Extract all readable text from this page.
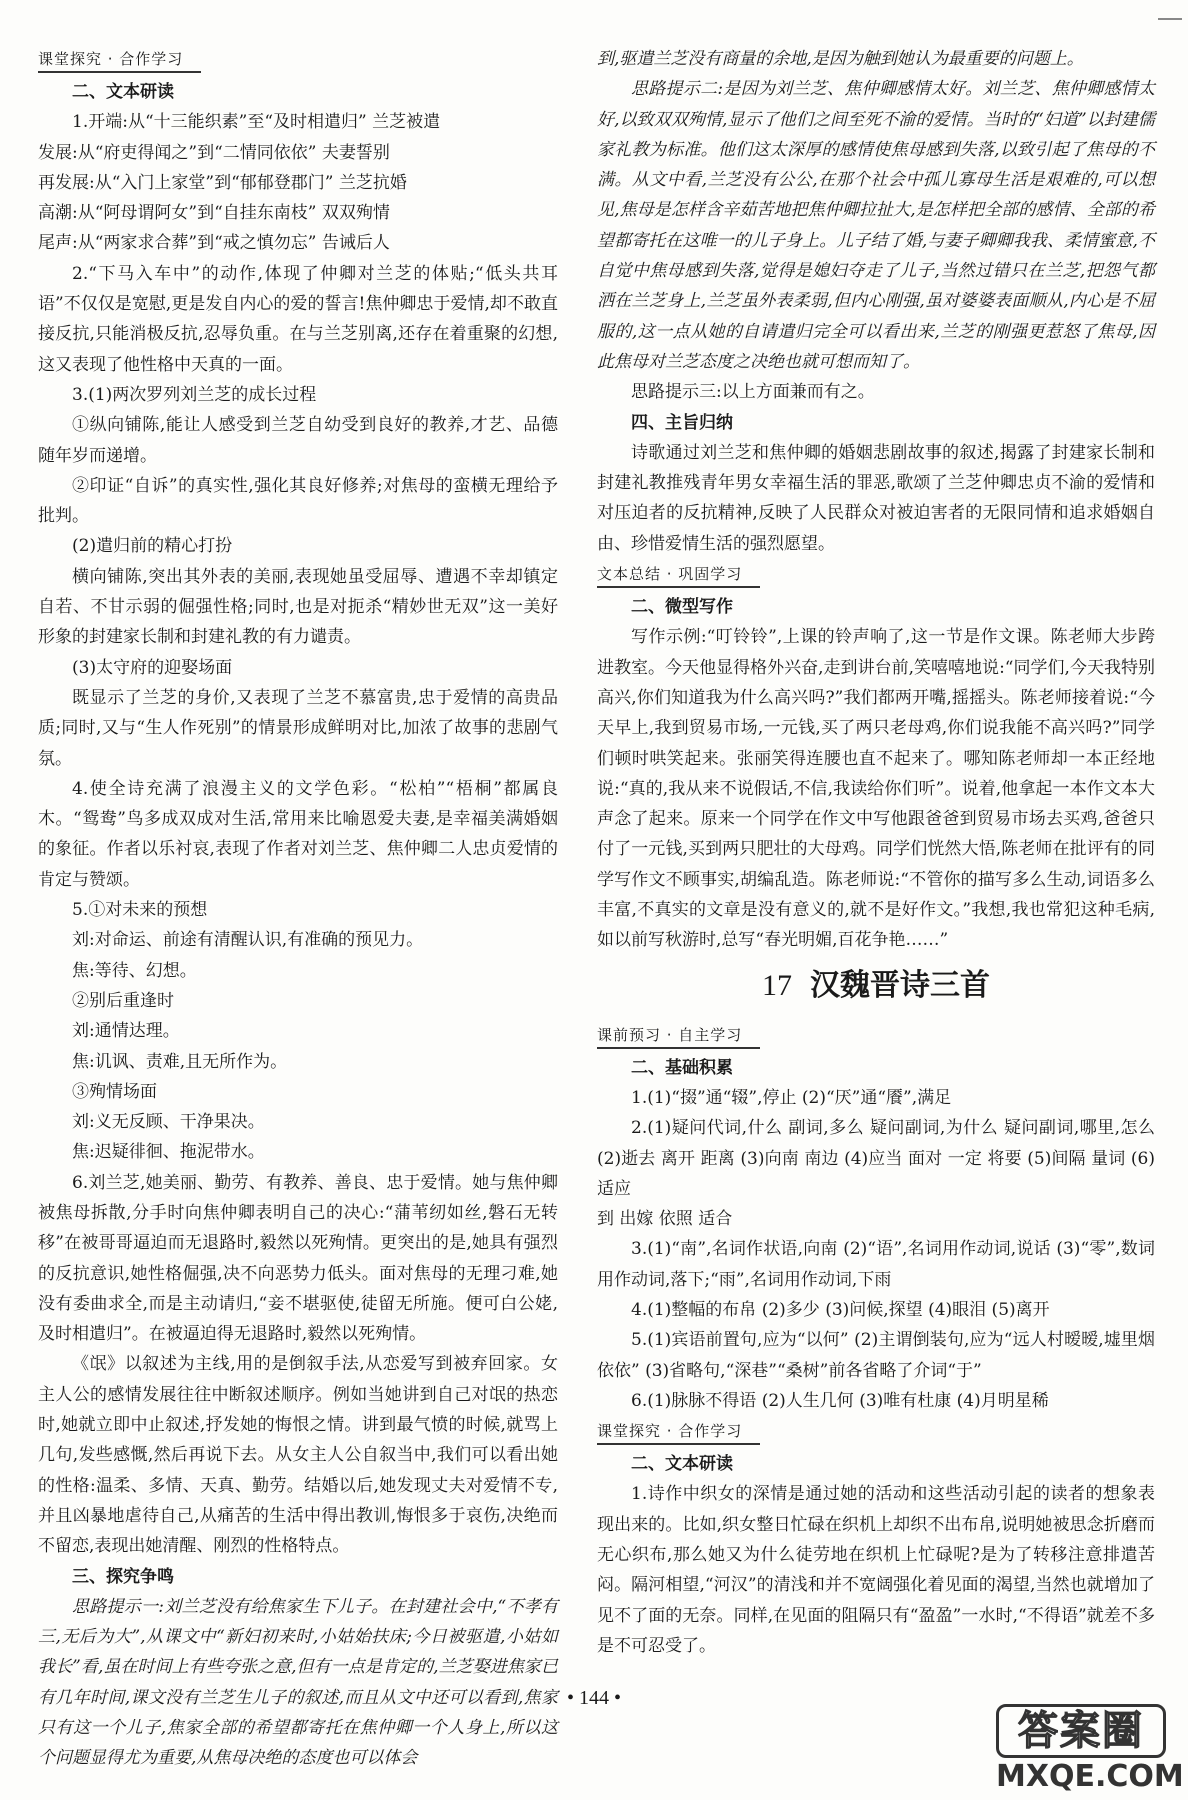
课堂探究 · 合作学习
二、文本研读
1.开端:从“十三能织素”至“及时相遣归” 兰芝被遣
发展:从“府吏得闻之”到“二情同依依” 夫妻誓别
再发展:从“入门上家堂”到“郁郁登郡门” 兰芝抗婚
高潮:从“阿母谓阿女”到“自挂东南枝” 双双殉情
尾声:从“两家求合葬”到“戒之慎勿忘” 告诫后人
2.“下马入车中”的动作,体现了仲卿对兰芝的体贴;“低头共耳语”不仅仅是宽慰,更是发自内心的爱的誓言!焦仲卿忠于爱情,却不敢直接反抗,只能消极反抗,忍辱负重。在与兰芝别离,还存在着重聚的幻想,这又表现了他性格中天真的一面。
3.(1)两次罗列刘兰芝的成长过程
①纵向铺陈,能让人感受到兰芝自幼受到良好的教养,才艺、品德随年岁而递增。
②印证“自诉”的真实性,强化其良好修养;对焦母的蛮横无理给予批判。
(2)遣归前的精心打扮
横向铺陈,突出其外表的美丽,表现她虽受屈辱、遭遇不幸却镇定自若、不甘示弱的倔强性格;同时,也是对扼杀“精妙世无双”这一美好形象的封建家长制和封建礼教的有力谴责。
(3)太守府的迎娶场面
既显示了兰芝的身价,又表现了兰芝不慕富贵,忠于爱情的高贵品质;同时,又与“生人作死别”的情景形成鲜明对比,加浓了故事的悲剧气氛。
4.使全诗充满了浪漫主义的文学色彩。“松柏”“梧桐”都属良木。“鸳鸯”鸟多成双成对生活,常用来比喻恩爱夫妻,是幸福美满婚姻的象征。作者以乐衬哀,表现了作者对刘兰芝、焦仲卿二人忠贞爱情的肯定与赞颂。
5.①对未来的预想
刘:对命运、前途有清醒认识,有准确的预见力。
焦:等待、幻想。
②别后重逢时
刘:通情达理。
焦:讥讽、责难,且无所作为。
③殉情场面
刘:义无反顾、干净果决。
焦:迟疑徘徊、拖泥带水。
6.刘兰芝,她美丽、勤劳、有教养、善良、忠于爱情。她与焦仲卿被焦母拆散,分手时向焦仲卿表明自己的决心:“蒲苇纫如丝,磐石无转移”在被哥哥逼迫而无退路时,毅然以死殉情。更突出的是,她具有强烈的反抗意识,她性格倔强,决不向恶势力低头。面对焦母的无理刁难,她没有委曲求全,而是主动请归,“妾不堪驱使,徒留无所施。便可白公姥,及时相遣归”。在被逼迫得无退路时,毅然以死殉情。
《氓》以叙述为主线,用的是倒叙手法,从恋爱写到被弃回家。女主人公的感情发展往往中断叙述顺序。例如当她讲到自己对氓的热恋时,她就立即中止叙述,抒发她的悔恨之情。讲到最气愤的时候,就骂上几句,发些感慨,然后再说下去。从女主人公自叙当中,我们可以看出她的性格:温柔、多情、天真、勤劳。结婚以后,她发现丈夫对爱情不专,并且凶暴地虐待自己,从痛苦的生活中得出教训,悔恨多于哀伤,决绝而不留恋,表现出她清醒、刚烈的性格特点。
三、探究争鸣
思路提示一:刘兰芝没有给焦家生下儿子。在封建社会中,“不孝有三,无后为大”,从课文中“新妇初来时,小姑始扶床;今日被驱遣,小姑如我长”看,虽在时间上有些夸张之意,但有一点是肯定的,兰芝娶进焦家已有几年时间,课文没有兰芝生儿子的叙述,而且从文中还可以看到,焦家只有这一个儿子,焦家全部的希望都寄托在焦仲卿一个人身上,所以这个问题显得尤为重要,从焦母决绝的态度也可以体会
到,驱遣兰芝没有商量的余地,是因为触到她认为最重要的问题上。
思路提示二:是因为刘兰芝、焦仲卿感情太好。刘兰芝、焦仲卿感情太好,以致双双殉情,显示了他们之间至死不渝的爱情。当时的“妇道”以封建儒家礼教为标准。他们这太深厚的感情使焦母感到失落,以致引起了焦母的不满。从文中看,兰芝没有公公,在那个社会中孤儿寡母生活是艰难的,可以想见,焦母是怎样含辛茹苦地把焦仲卿拉扯大,是怎样把全部的感情、全部的希望都寄托在这唯一的儿子身上。儿子结了婚,与妻子卿卿我我、柔情蜜意,不自觉中焦母感到失落,觉得是媳妇夺走了儿子,当然过错只在兰芝,把怨气都洒在兰芝身上,兰芝虽外表柔弱,但内心刚强,虽对婆婆表面顺从,内心是不屈服的,这一点从她的自请遣归完全可以看出来,兰芝的刚强更惹怒了焦母,因此焦母对兰芝态度之决绝也就可想而知了。
思路提示三:以上方面兼而有之。
四、主旨归纳
诗歌通过刘兰芝和焦仲卿的婚姻悲剧故事的叙述,揭露了封建家长制和封建礼教推残青年男女幸福生活的罪恶,歌颂了兰芝仲卿忠贞不渝的爱情和对压迫者的反抗精神,反映了人民群众对被迫害者的无限同情和追求婚姻自由、珍惜爱情生活的强烈愿望。
文本总结 · 巩固学习
二、微型写作
写作示例:“叮铃铃”,上课的铃声响了,这一节是作文课。陈老师大步跨进教室。今天他显得格外兴奋,走到讲台前,笑嘻嘻地说:“同学们,今天我特别高兴,你们知道我为什么高兴吗?”我们都两开嘴,摇摇头。陈老师接着说:“今天早上,我到贸易市场,一元钱,买了两只老母鸡,你们说我能不高兴吗?”同学们顿时哄笑起来。张丽笑得连腰也直不起来了。哪知陈老师却一本正经地说:“真的,我从来不说假话,不信,我读给你们听”。说着,他拿起一本作文本大声念了起来。原来一个同学在作文中写他跟爸爸到贸易市场去买鸡,爸爸只付了一元钱,买到两只肥壮的大母鸡。同学们恍然大悟,陈老师在批评有的同学写作文不顾事实,胡编乱造。陈老师说:“不管你的描写多么生动,词语多么丰富,不真实的文章是没有意义的,就不是好作文。”我想,我也常犯这种毛病,如以前写秋游时,总写“春光明媚,百花争艳……”
17 汉魏晋诗三首
课前预习 · 自主学习
二、基础积累
1.(1)“掇”通“辍”,停止 (2)“厌”通“餍”,满足
2.(1)疑问代词,什么 副词,多么 疑问副词,为什么 疑问副词,哪里,怎么 (2)逝去 离开 距离 (3)向南 南边 (4)应当 面对 一定 将要 (5)间隔 量词 (6)适应
到 出嫁 依照 适合
3.(1)“南”,名词作状语,向南 (2)“语”,名词用作动词,说话 (3)“零”,数词用作动词,落下;“雨”,名词用作动词,下雨
4.(1)整幅的布帛 (2)多少 (3)问候,探望 (4)眼泪 (5)离开
5.(1)宾语前置句,应为“以何” (2)主谓倒装句,应为“远人村暧暧,墟里烟依依” (3)省略句,“深巷”“桑树”前各省略了介词“于”
6.(1)脉脉不得语 (2)人生几何 (3)唯有杜康 (4)月明星稀
课堂探究 · 合作学习
二、文本研读
1.诗作中织女的深情是通过她的活动和这些活动引起的读者的想象表现出来的。比如,织女整日忙碌在织机上却织不出布帛,说明她被思念折磨而无心织布,那么她又为什么徒劳地在织机上忙碌呢?是为了转移注意排遣苦闷。隔河相望,“河汉”的清浅和并不宽阔强化着见面的渴望,当然也就增加了见不了面的无奈。同样,在见面的阻隔只有“盈盈”一水时,“不得语”就差不多是不可忍受了。
• 144 •
答案圈
MXQE.COM
